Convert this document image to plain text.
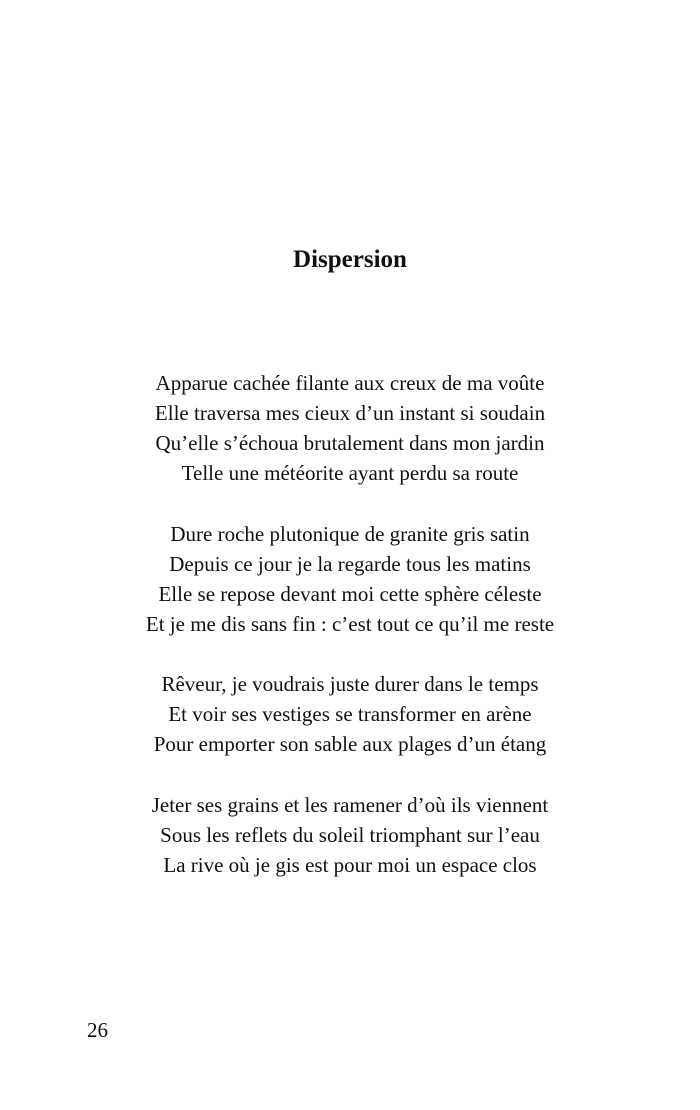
Dispersion
Apparue cachée filante aux creux de ma voûte
Elle traversa mes cieux d’un instant si soudain
Qu’elle s’échoua brutalement dans mon jardin
Telle une météorite ayant perdu sa route
Dure roche plutonique de granite gris satin
Depuis ce jour je la regarde tous les matins
Elle se repose devant moi cette sphère céleste
Et je me dis sans fin : c’est tout ce qu’il me reste
Rêveur, je voudrais juste durer dans le temps
Et voir ses vestiges se transformer en arène
Pour emporter son sable aux plages d’un étang
Jeter ses grains et les ramener d’où ils viennent
Sous les reflets du soleil triomphant sur l’eau
La rive où je gis est pour moi un espace clos
26
